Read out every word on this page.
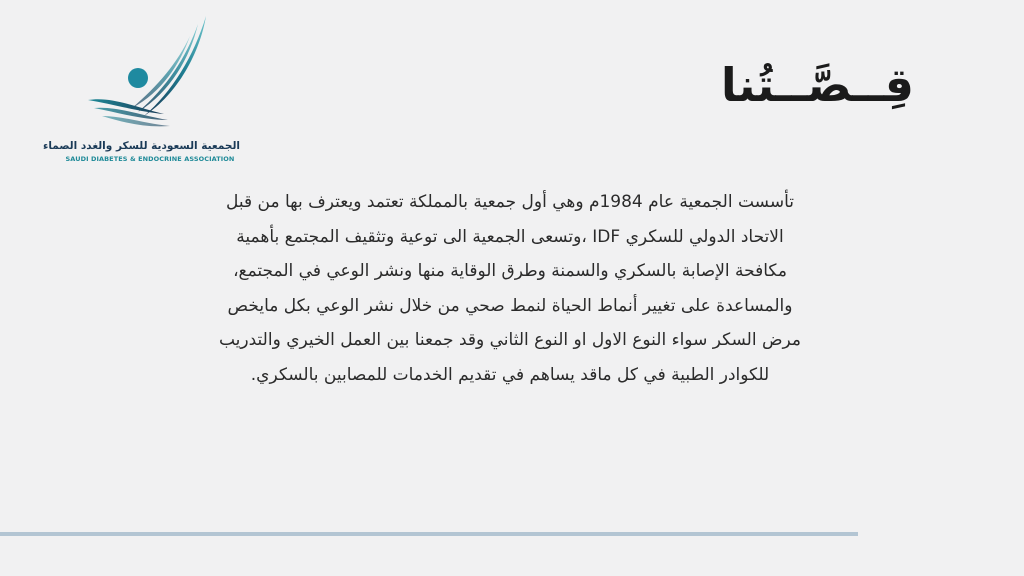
الجمعية السعودية للسكر والغدد الصماء
SAUDI DIABETES & ENDOCRINE ASSOCIATION
قِــصَّــتُنا
تأسست الجمعية عام 1984م وهي أول جمعية بالمملكة تعتمد ويعترف بها من قبل
الاتحاد الدولي للسكري IDF ،وتسعى الجمعية الى توعية وتثقيف المجتمع بأهمية
مكافحة الإصابة بالسكري والسمنة وطرق الوقاية منها ونشر الوعي في المجتمع،
والمساعدة على تغيير أنماط الحياة لنمط صحي من خلال نشر الوعي بكل مايخص
مرض السكر سواء النوع الاول او النوع الثاني وقد جمعنا بين العمل الخيري والتدريب
للكوادر الطبية في كل ماقد يساهم في تقديم الخدمات للمصابين بالسكري.
